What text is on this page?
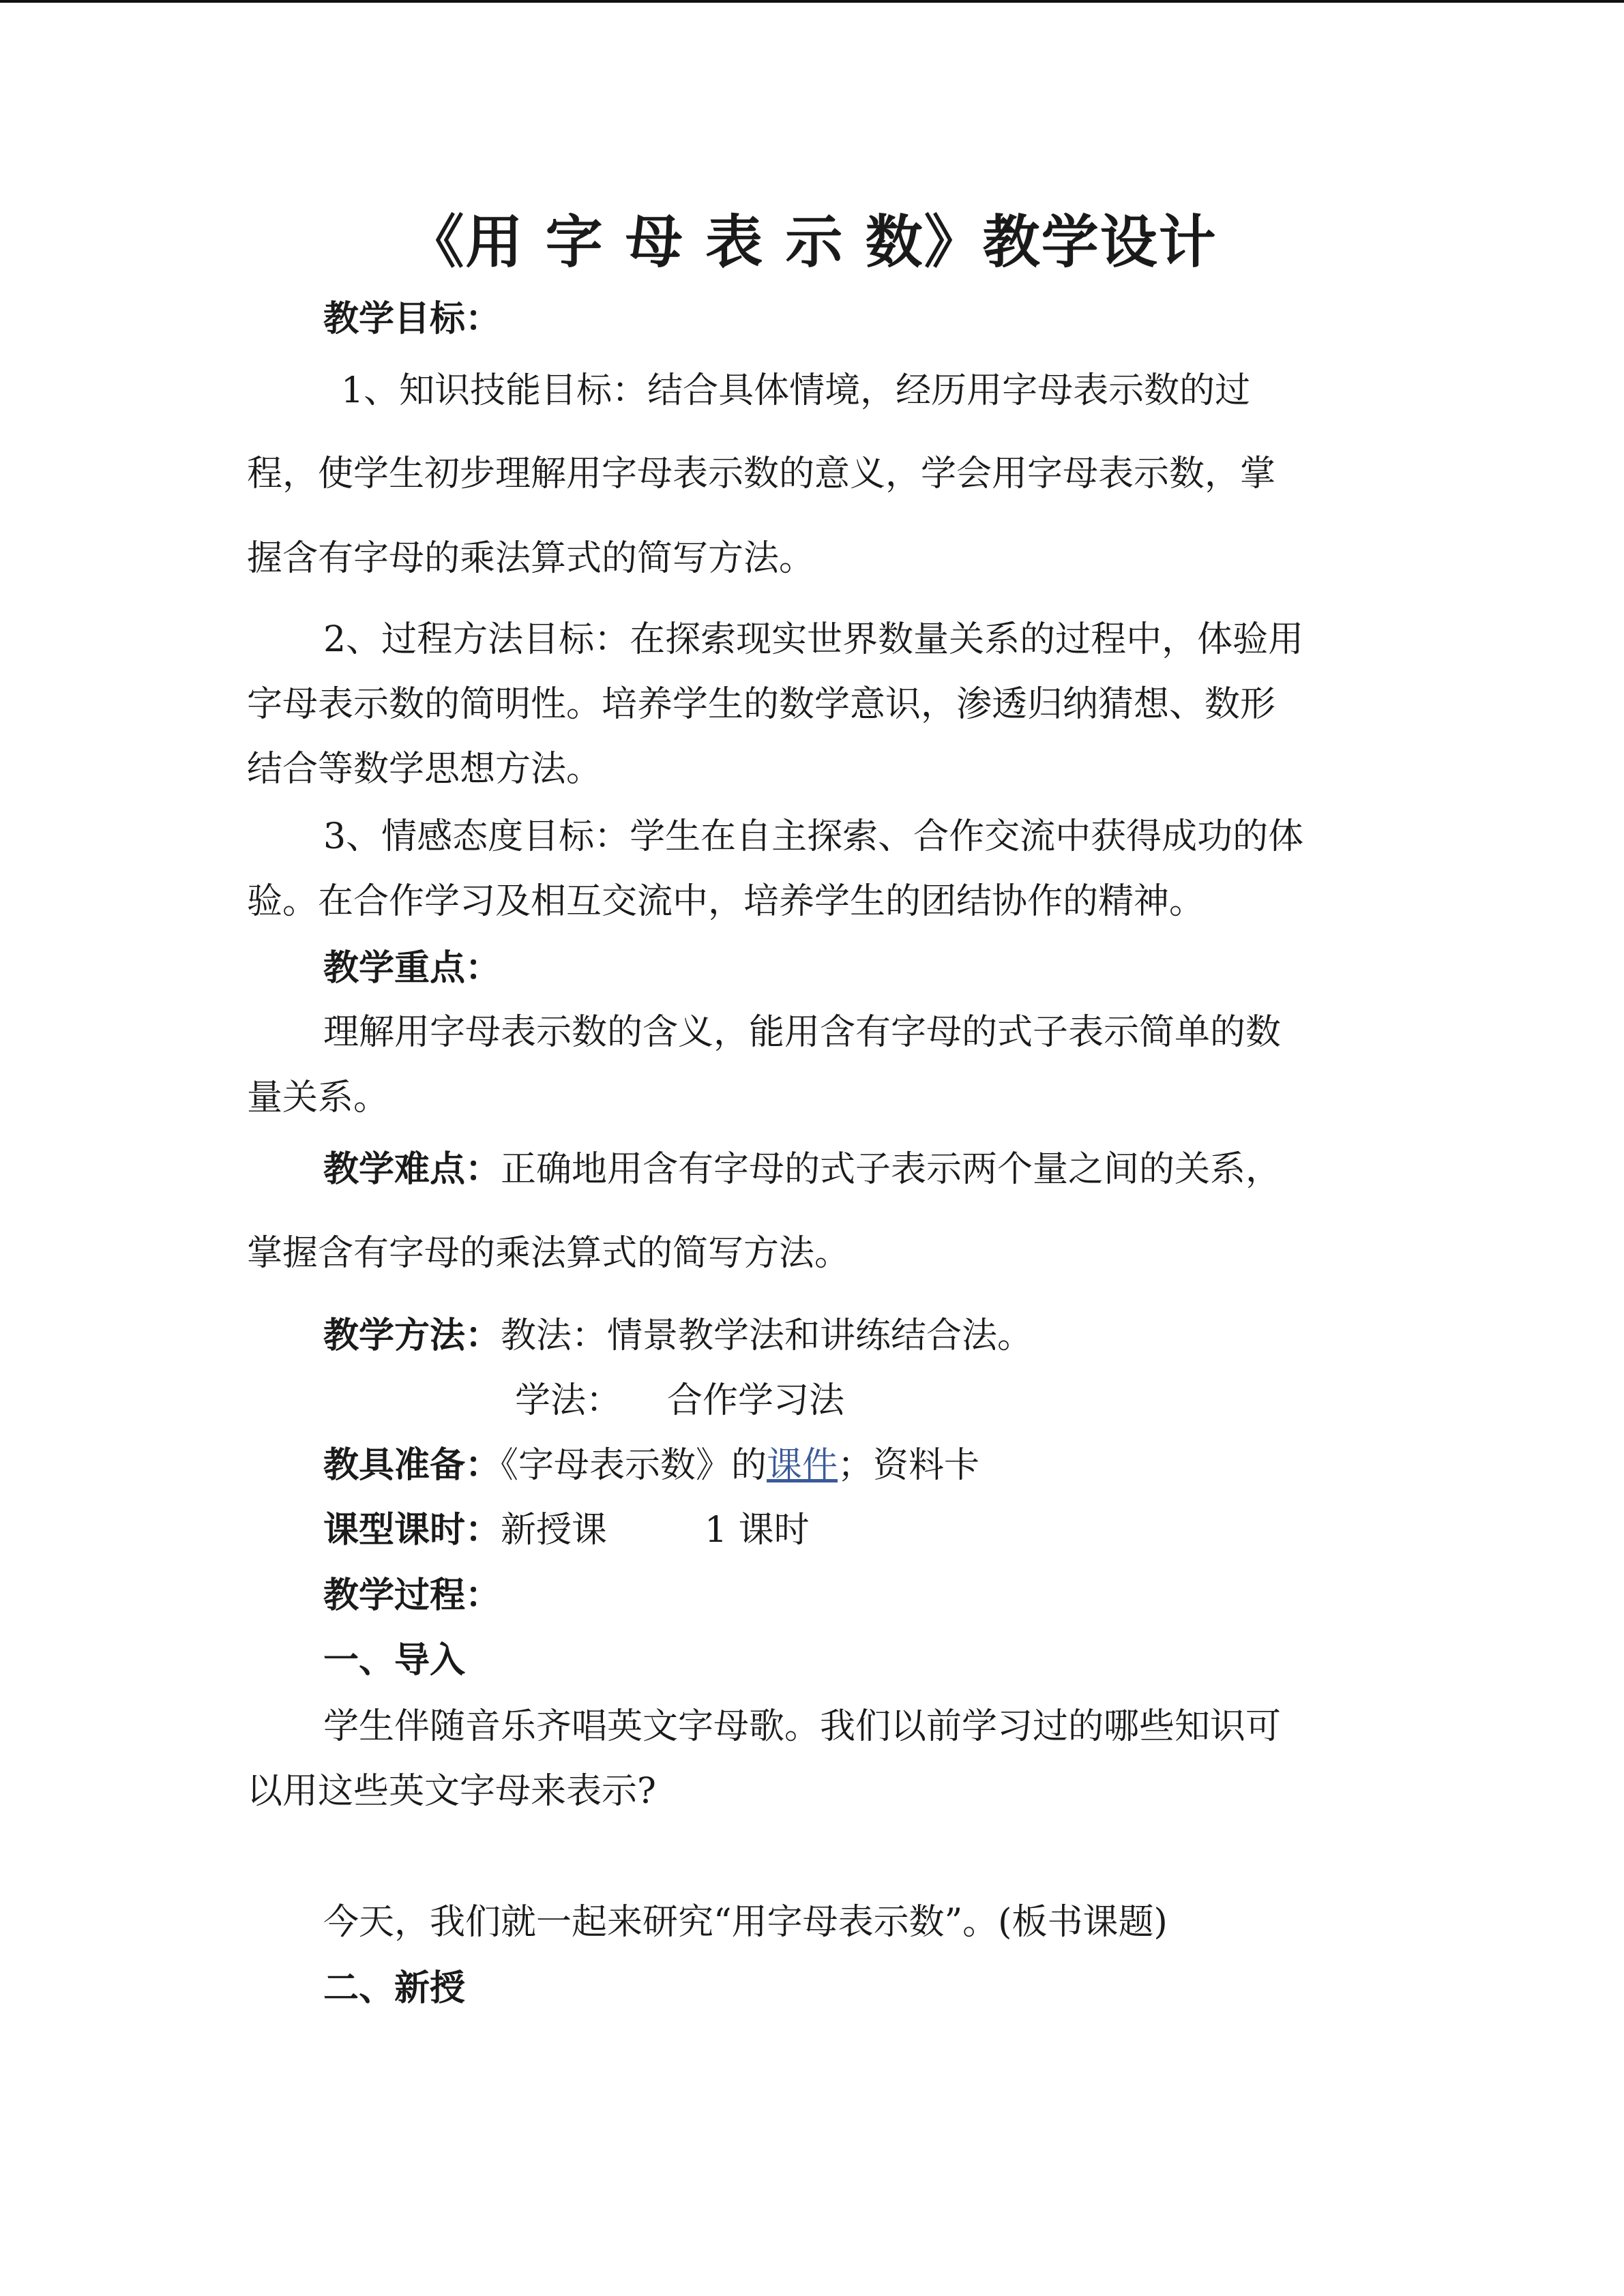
《用 字 母 表 示 数》教学设计
教学目标：
1、知识技能目标：结合具体情境，经历用字母表示数的过
程，使学生初步理解用字母表示数的意义，学会用字母表示数，掌
握含有字母的乘法算式的简写方法。
2、过程方法目标：在探索现实世界数量关系的过程中，体验用
字母表示数的简明性。培养学生的数学意识，渗透归纳猜想、数形
结合等数学思想方法。
3、情感态度目标：学生在自主探索、合作交流中获得成功的体
验。在合作学习及相互交流中，培养学生的团结协作的精神。
教学重点：
理解用字母表示数的含义，能用含有字母的式子表示简单的数
量关系。
教学难点：正确地用含有字母的式子表示两个量之间的关系，
掌握含有字母的乘法算式的简写方法。
教学方法：教法：情景教学法和讲练结合法。
学法： 合作学习法
教具准备：《字母表示数》的课件；资料卡
课型课时：新授课	1 课时
教学过程：
一、导入
学生伴随音乐齐唱英文字母歌。我们以前学习过的哪些知识可
以用这些英文字母来表示?
今天，我们就一起来研究“用字母表示数”。(板书课题)
二、新授
